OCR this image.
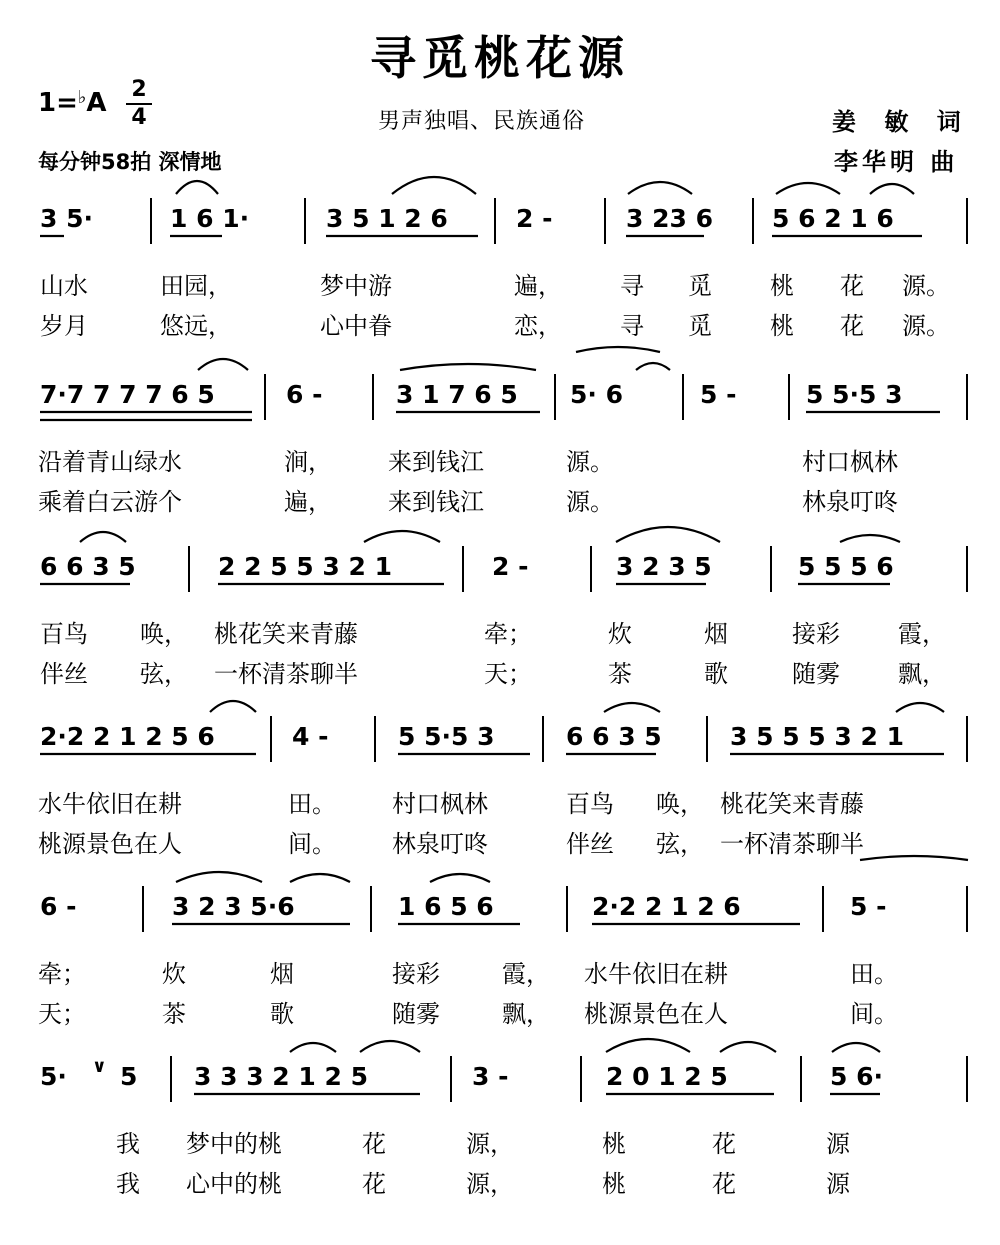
寻觅桃花源
1=♭A 2
4	男声独唱、民族通俗	姜 敏 词
每分钟58拍 深情地	李华明 曲
3 5·	1 6 1·	3 5 1 2 6	2 -	3 23 6 5 6 2 1 6
山水	田园，	梦中游	遍， 寻 觅 桃 花 源。
岁月	悠远，	心中眷	恋， 寻 觅 桃 花 源。
7·7 7 7 7 6 5	6 -	3 1 7 6 5 5· 6	5 -	5 5·5 3
沿着青山绿水	涧， 来到钱江	源。	村口枫林
乘着白云游个	遍， 来到钱江	源。	林泉叮咚
6 6 3 5	2 2 5 5 3 2 1	2 -	3 2 3 5	5 5 5 6
百鸟 唤， 桃花笑来青藤	牵；	炊	烟	接彩 霞，
伴丝 弦， 一杯清茶聊半	天；	茶	歌	随雾 飘，
2·2 2 1 2 5 6	4 -	5 5·5 3	6 6 3 5	3 5 5 5 3 2 1
水牛依旧在耕	田。 村口枫林	百鸟 唤， 桃花笑来青藤
桃源景色在人	间。 林泉叮咚	伴丝 弦， 一杯清茶聊半
6 -	3 2 3 5·6	1 6 5 6	2·2 2 1 2 6	5 -
牵；	炊	烟	接彩	霞， 水牛依旧在耕	田。
天；	茶	歌	随雾	飘， 桃源景色在人	间。
5· 5 3 3 3 2 1 2 5	3 -	2 0 1 2 5	5 6·
我 梦中的桃	花	源，	桃	花	源
我 心中的桃	花	源，	桃	花	源
∨
